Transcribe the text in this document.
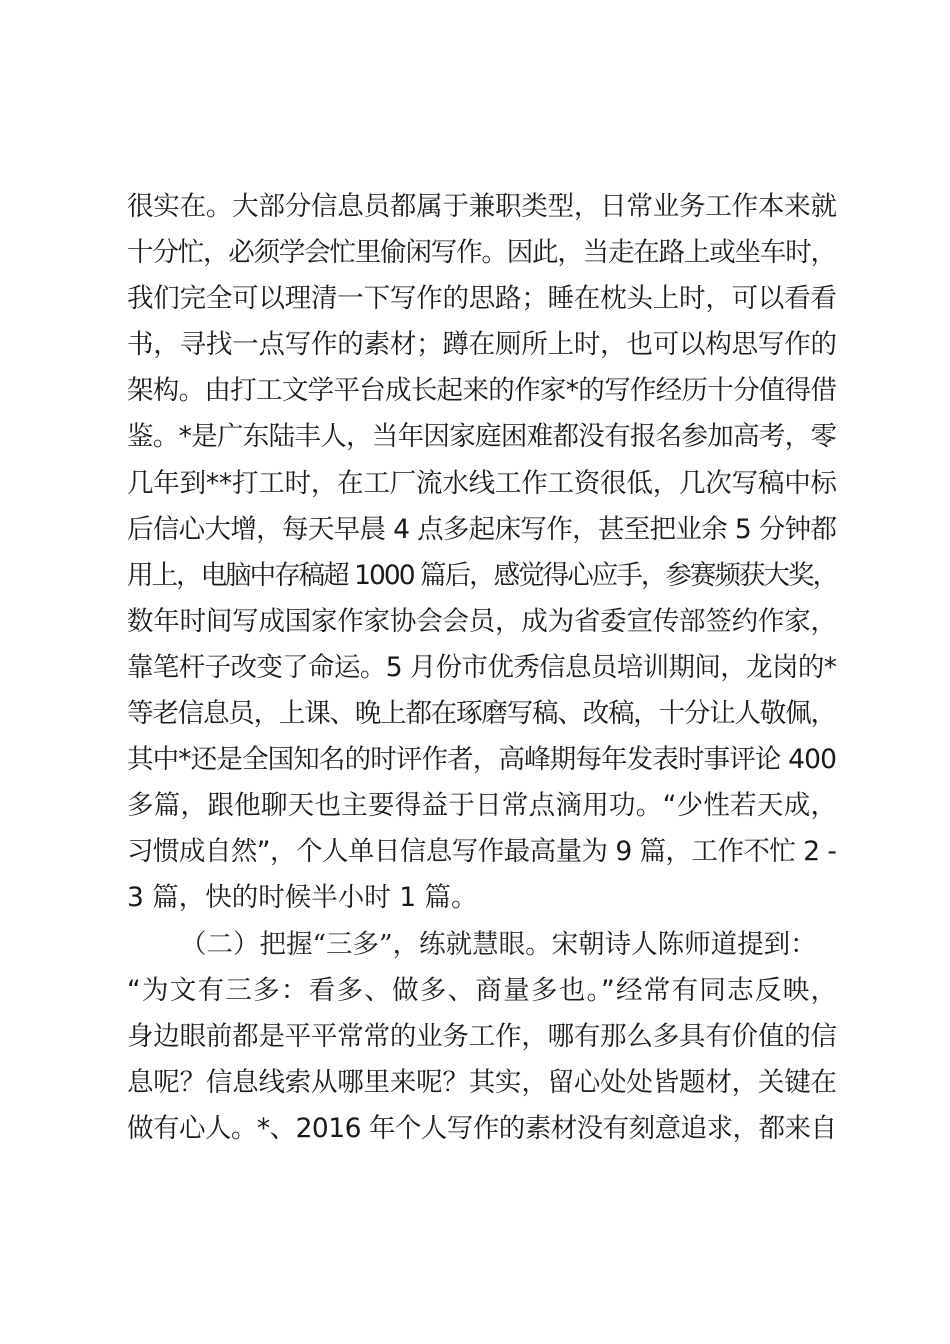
很实在。大部分信息员都属于兼职类型，日常业务工作本来就
十分忙，必须学会忙里偷闲写作。因此，当走在路上或坐车时，
我们完全可以理清一下写作的思路；睡在枕头上时，可以看看
书，寻找一点写作的素材；蹲在厕所上时，也可以构思写作的
架构。由打工文学平台成长起来的作家*的写作经历十分值得借
鉴。*是广东陆丰人，当年因家庭困难都没有报名参加高考，零
几年到**打工时，在工厂流水线工作工资很低，几次写稿中标
后信心大增，每天早晨 4 点多起床写作，甚至把业余 5 分钟都
用上，电脑中存稿超 1000 篇后，感觉得心应手，参赛频获大奖，
数年时间写成国家作家协会会员，成为省委宣传部签约作家，
靠笔杆子改变了命运。5 月份市优秀信息员培训期间，龙岗的*
等老信息员，上课、晚上都在琢磨写稿、改稿，十分让人敬佩，
其中*还是全国知名的时评作者，高峰期每年发表时事评论 400
多篇，跟他聊天也主要得益于日常点滴用功。“少性若天成，
习惯成自然”，个人单日信息写作最高量为 9 篇，工作不忙 2 -
3 篇，快的时候半小时 1 篇。
（二）把握“三多”，练就慧眼。 宋朝诗人陈师道提到：
“为文有三多：看多、做多、商量多也。”经常有同志反映，
身边眼前都是平平常常的业务工作，哪有那么多具有价值的信
息呢？信息线索从哪里来呢？其实，留心处处皆题材，关键在
做有心人。*、2016 年个人写作的素材没有刻意追求，都来自
